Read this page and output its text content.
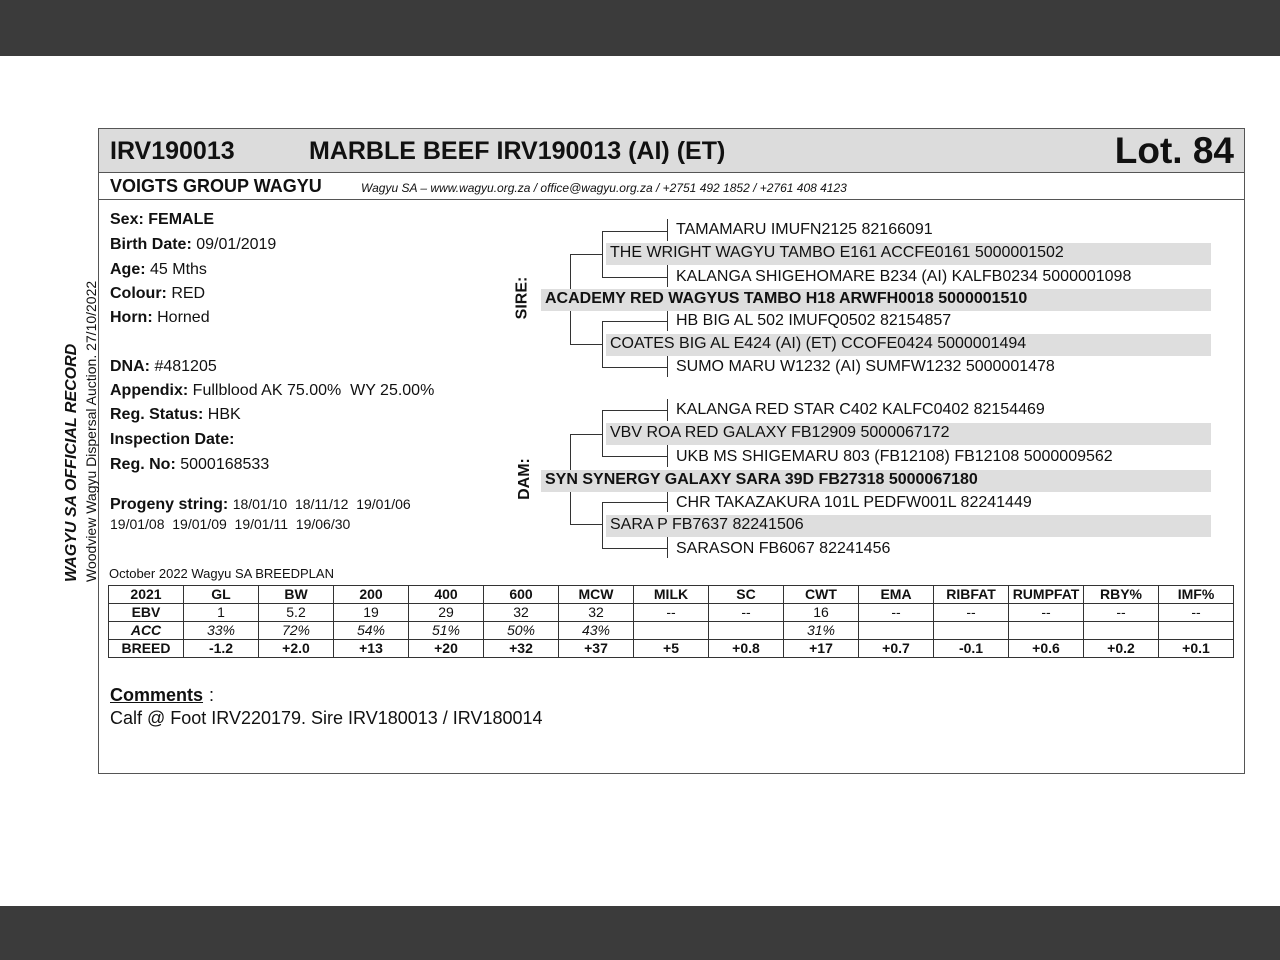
IRV190013	MARBLE BEEF IRV190013 (AI) (ET)	Lot. 84
VOIGTS GROUP WAGYU	Wagyu SA – www.wagyu.org.za / office@wagyu.org.za / +2751 492 1852 / +2761 408 4123
WAGYU SA OFFICIAL RECORD Woodview Wagyu Dispersal Auction. 27/10/2022
Sex: FEMALE
Birth Date: 09/01/2019
Age: 45 Mths
Colour: RED
Horn: Horned
DNA: #481205
Appendix: Fullblood AK 75.00%  WY 25.00%
Reg. Status: HBK
Inspection Date:
Reg. No: 5000168533
Progeny string: 18/01/10  18/11/12  19/01/06
19/01/08  19/01/09  19/01/11  19/06/30
SIRE:
DAM:
TAMAMARU IMUFN2125 82166091
THE WRIGHT WAGYU TAMBO E161 ACCFE0161 5000001502
KALANGA SHIGEHOMARE B234 (AI) KALFB0234 5000001098
ACADEMY RED WAGYUS TAMBO H18 ARWFH0018 5000001510
HB BIG AL 502 IMUFQ0502 82154857
COATES BIG AL E424 (AI) (ET) CCOFE0424 5000001494
SUMO MARU W1232 (AI) SUMFW1232 5000001478
KALANGA RED STAR C402 KALFC0402 82154469
VBV ROA RED GALAXY FB12909 5000067172
UKB MS SHIGEMARU 803 (FB12108) FB12108 5000009562
SYN SYNERGY GALAXY SARA 39D FB27318 5000067180
CHR TAKAZAKURA 101L PEDFW001L 82241449
SARA P FB7637 82241506
SARASON FB6067 82241456
October 2022 Wagyu SA BREEDPLAN
2021	GL	BW	200	400	600	MCW	MILK	SC	CWT	EMA	RIBFAT	RUMPFAT	RBY%	IMF%
EBV	1	5.2	19	29	32	32	--	--	16	--	--	--	--	--
ACC	33%	72%	54%	51%	50%	43%			31%					
BREED	-1.2	+2.0	+13	+20	+32	+37	+5	+0.8	+17	+0.7	-0.1	+0.6	+0.2	+0.1
Comments :
Calf @ Foot IRV220179. Sire IRV180013 / IRV180014
